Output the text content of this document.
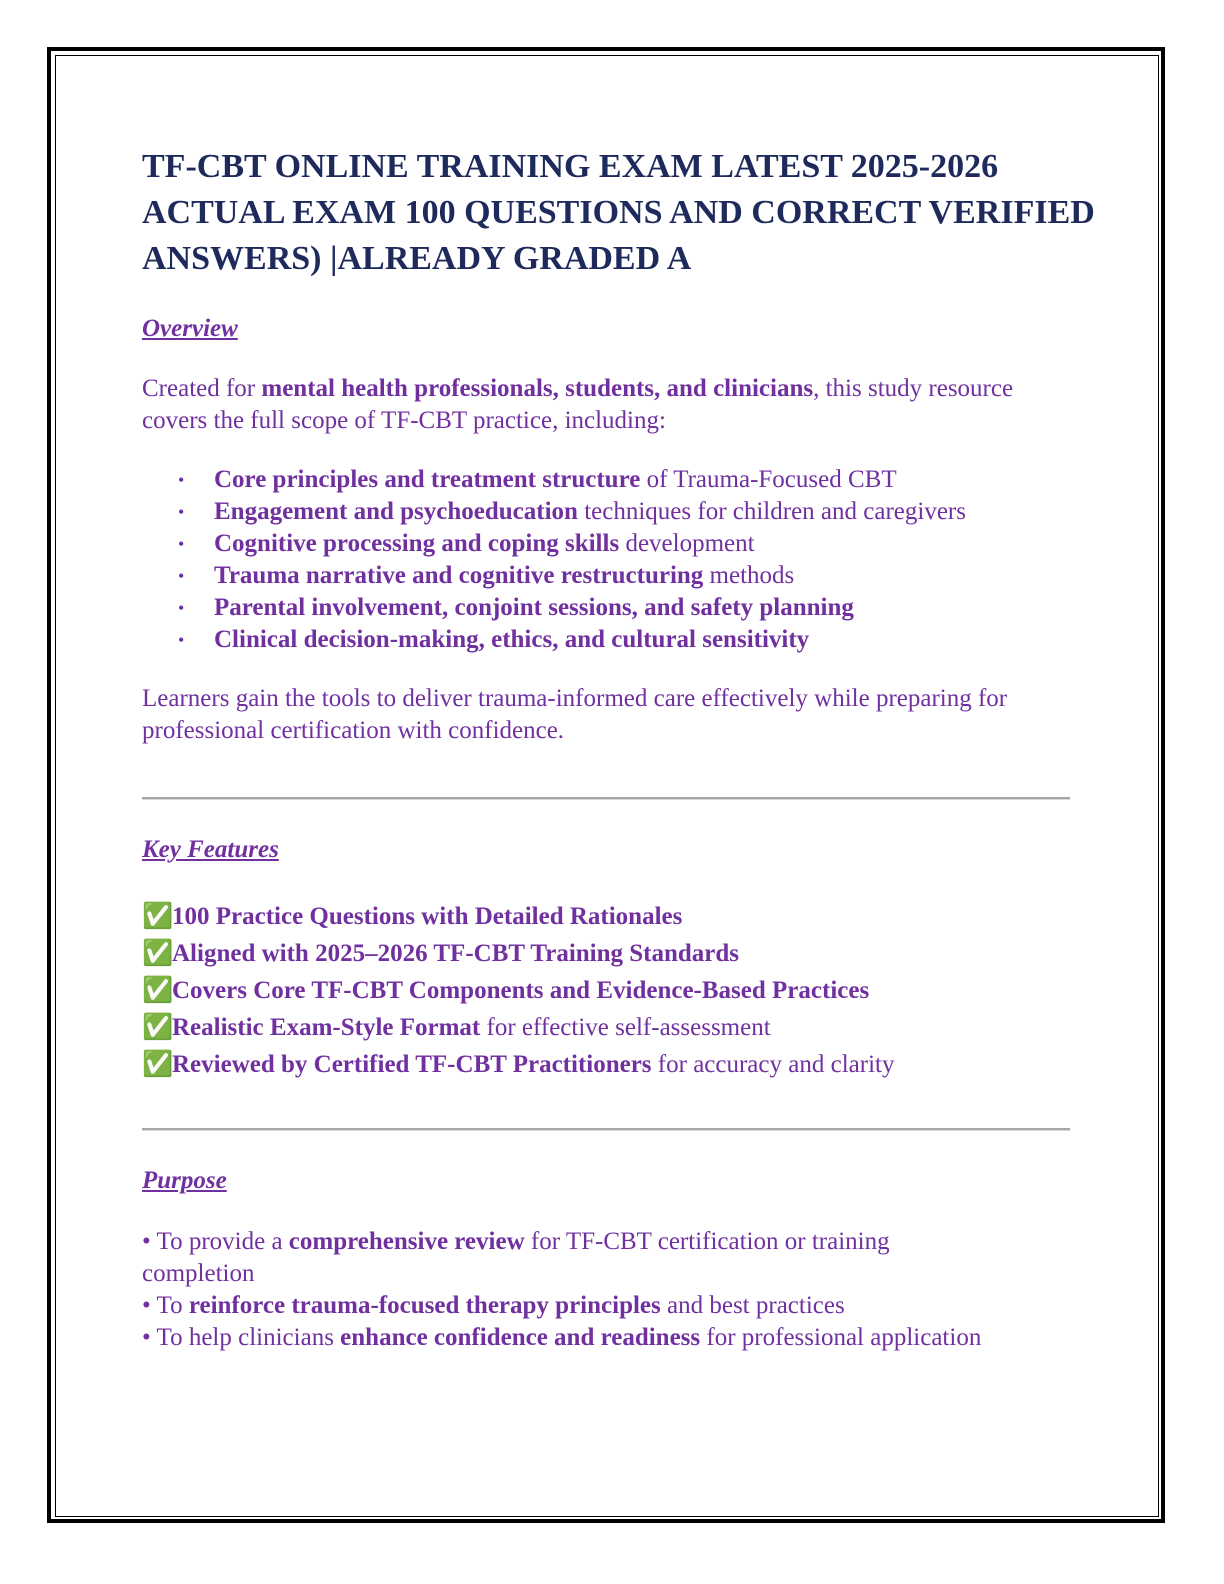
TF-CBT ONLINE TRAINING EXAM LATEST 2025-2026 ACTUAL EXAM 100 QUESTIONS AND CORRECT VERIFIED ANSWERS) |ALREADY GRADED A
Overview

Created for mental health professionals, students, and clinicians, this study resource covers the full scope of TF-CBT practice, including:

• Core principles and treatment structure of Trauma-Focused CBT
• Engagement and psychoeducation techniques for children and caregivers
• Cognitive processing and coping skills development
• Trauma narrative and cognitive restructuring methods
• Parental involvement, conjoint sessions, and safety planning
• Clinical decision-making, ethics, and cultural sensitivity

Learners gain the tools to deliver trauma-informed care effectively while preparing for professional certification with confidence.

Key Features
✅100 Practice Questions with Detailed Rationales
✅Aligned with 2025–2026 TF-CBT Training Standards
✅Covers Core TF-CBT Components and Evidence-Based Practices
✅Realistic Exam-Style Format for effective self-assessment
✅Reviewed by Certified TF-CBT Practitioners for accuracy and clarity
Purpose
• To provide a comprehensive review for TF-CBT certification or training completion
• To reinforce trauma-focused therapy principles and best practices
• To help clinicians enhance confidence and readiness for professional application
